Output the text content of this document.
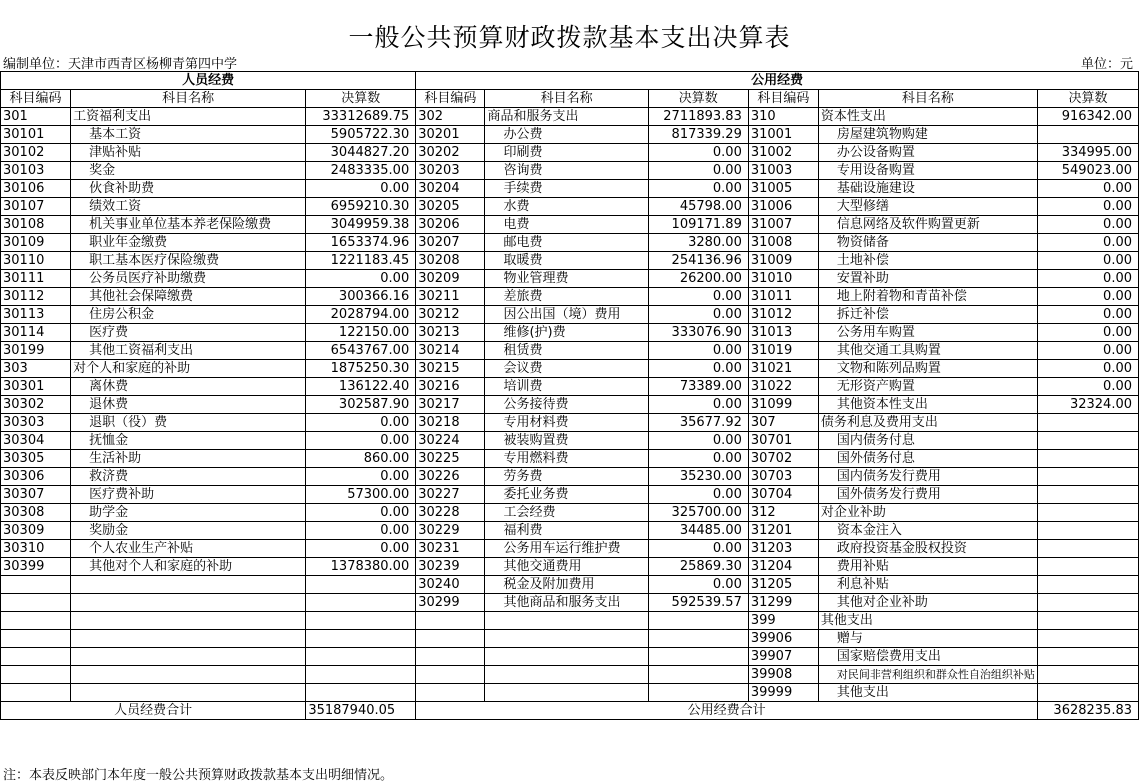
一般公共预算财政拨款基本支出决算表
编制单位：天津市西青区杨柳青第四中学	单位：元
人员经费			公用经费					
科目编码	科目名称	决算数	科目编码	科目名称	决算数	科目编码	科目名称	决算数
301	工资福利支出	33312689.75	302	商品和服务支出	2711893.83	310	资本性支出	916342.00
30101	基本工资	5905722.30	30201	办公费	817339.29	31001	房屋建筑物购建	
30102	津贴补贴	3044827.20	30202	印刷费	0.00	31002	办公设备购置	334995.00
30103	奖金	2483335.00	30203	咨询费	0.00	31003	专用设备购置	549023.00
30106	伙食补助费	0.00	30204	手续费	0.00	31005	基础设施建设	0.00
30107	绩效工资	6959210.30	30205	水费	45798.00	31006	大型修缮	0.00
30108	机关事业单位基本养老保险缴费	3049959.38	30206	电费	109171.89	31007	信息网络及软件购置更新	0.00
30109	职业年金缴费	1653374.96	30207	邮电费	3280.00	31008	物资储备	0.00
30110	职工基本医疗保险缴费	1221183.45	30208	取暖费	254136.96	31009	土地补偿	0.00
30111	公务员医疗补助缴费	0.00	30209	物业管理费	26200.00	31010	安置补助	0.00
30112	其他社会保障缴费	300366.16	30211	差旅费	0.00	31011	地上附着物和青苗补偿	0.00
30113	住房公积金	2028794.00	30212	因公出国（境）费用	0.00	31012	拆迁补偿	0.00
30114	医疗费	122150.00	30213	维修(护)费	333076.90	31013	公务用车购置	0.00
30199	其他工资福利支出	6543767.00	30214	租赁费	0.00	31019	其他交通工具购置	0.00
303	对个人和家庭的补助	1875250.30	30215	会议费	0.00	31021	文物和陈列品购置	0.00
30301	离休费	136122.40	30216	培训费	73389.00	31022	无形资产购置	0.00
30302	退休费	302587.90	30217	公务接待费	0.00	31099	其他资本性支出	32324.00
30303	退职（役）费	0.00	30218	专用材料费	35677.92	307	债务利息及费用支出	
30304	抚恤金	0.00	30224	被装购置费	0.00	30701	国内债务付息	
30305	生活补助	860.00	30225	专用燃料费	0.00	30702	国外债务付息	
30306	救济费	0.00	30226	劳务费	35230.00	30703	国内债务发行费用	
30307	医疗费补助	57300.00	30227	委托业务费	0.00	30704	国外债务发行费用	
30308	助学金	0.00	30228	工会经费	325700.00	312	对企业补助	
30309	奖励金	0.00	30229	福利费	34485.00	31201	资本金注入	
30310	个人农业生产补贴	0.00	30231	公务用车运行维护费	0.00	31203	政府投资基金股权投资	
30399	其他对个人和家庭的补助	1378380.00	30239	其他交通费用	25869.30	31204	费用补贴	
			30240	税金及附加费用	0.00	31205	利息补贴	
			30299	其他商品和服务支出	592539.57	31299	其他对企业补助	
						399	其他支出	
						39906	赠与	
						39907	国家赔偿费用支出	
						39908	对民间非营利组织和群众性自治组织补贴	
						39999	其他支出	
人员经费合计		35187940.05	公用经费合计					3628235.83
注：本表反映部门本年度一般公共预算财政拨款基本支出明细情况。
